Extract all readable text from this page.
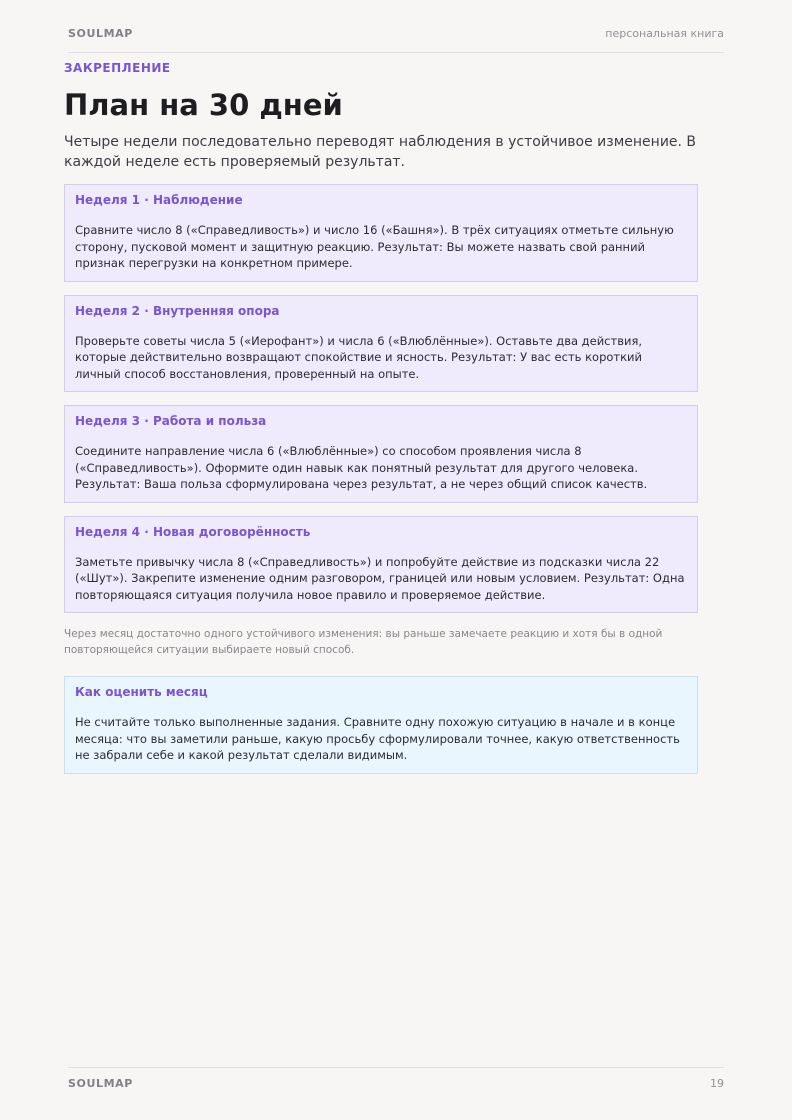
SOULMAP	персональная книга
ЗАКРЕПЛЕНИЕ
План на 30 дней

Четыре недели последовательно переводят наблюдения в устойчивое изменение. В каждой неделе есть проверяемый результат.

Неделя 1 · Наблюдение
Сравните число 8 («Справедливость») и число 16 («Башня»). В трёх ситуациях отметьте сильную сторону, пусковой момент и защитную реакцию. Результат: Вы можете назвать свой ранний признак перегрузки на конкретном примере.
Неделя 2 · Внутренняя опора
Проверьте советы числа 5 («Иерофант») и числа 6 («Влюблённые»). Оставьте два действия, которые действительно возвращают спокойствие и ясность. Результат: У вас есть короткий личный способ восстановления, проверенный на опыте.
Неделя 3 · Работа и польза
Соедините направление числа 6 («Влюблённые») со способом проявления числа 8 («Справедливость»). Оформите один навык как понятный результат для другого человека. Результат: Ваша польза сформулирована через результат, а не через общий список качеств.
Неделя 4 · Новая договорённость
Заметьте привычку числа 8 («Справедливость») и попробуйте действие из подсказки числа 22 («Шут»). Закрепите изменение одним разговором, границей или новым условием. Результат: Одна повторяющаяся ситуация получила новое правило и проверяемое действие.

Через месяц достаточно одного устойчивого изменения: вы раньше замечаете реакцию и хотя бы в одной повторяющейся ситуации выбираете новый способ.

Как оценить месяц
Не считайте только выполненные задания. Сравните одну похожую ситуацию в начале и в конце месяца: что вы заметили раньше, какую просьбу сформулировали точнее, какую ответственность не забрали себе и какой результат сделали видимым.
SOULMAP	19
